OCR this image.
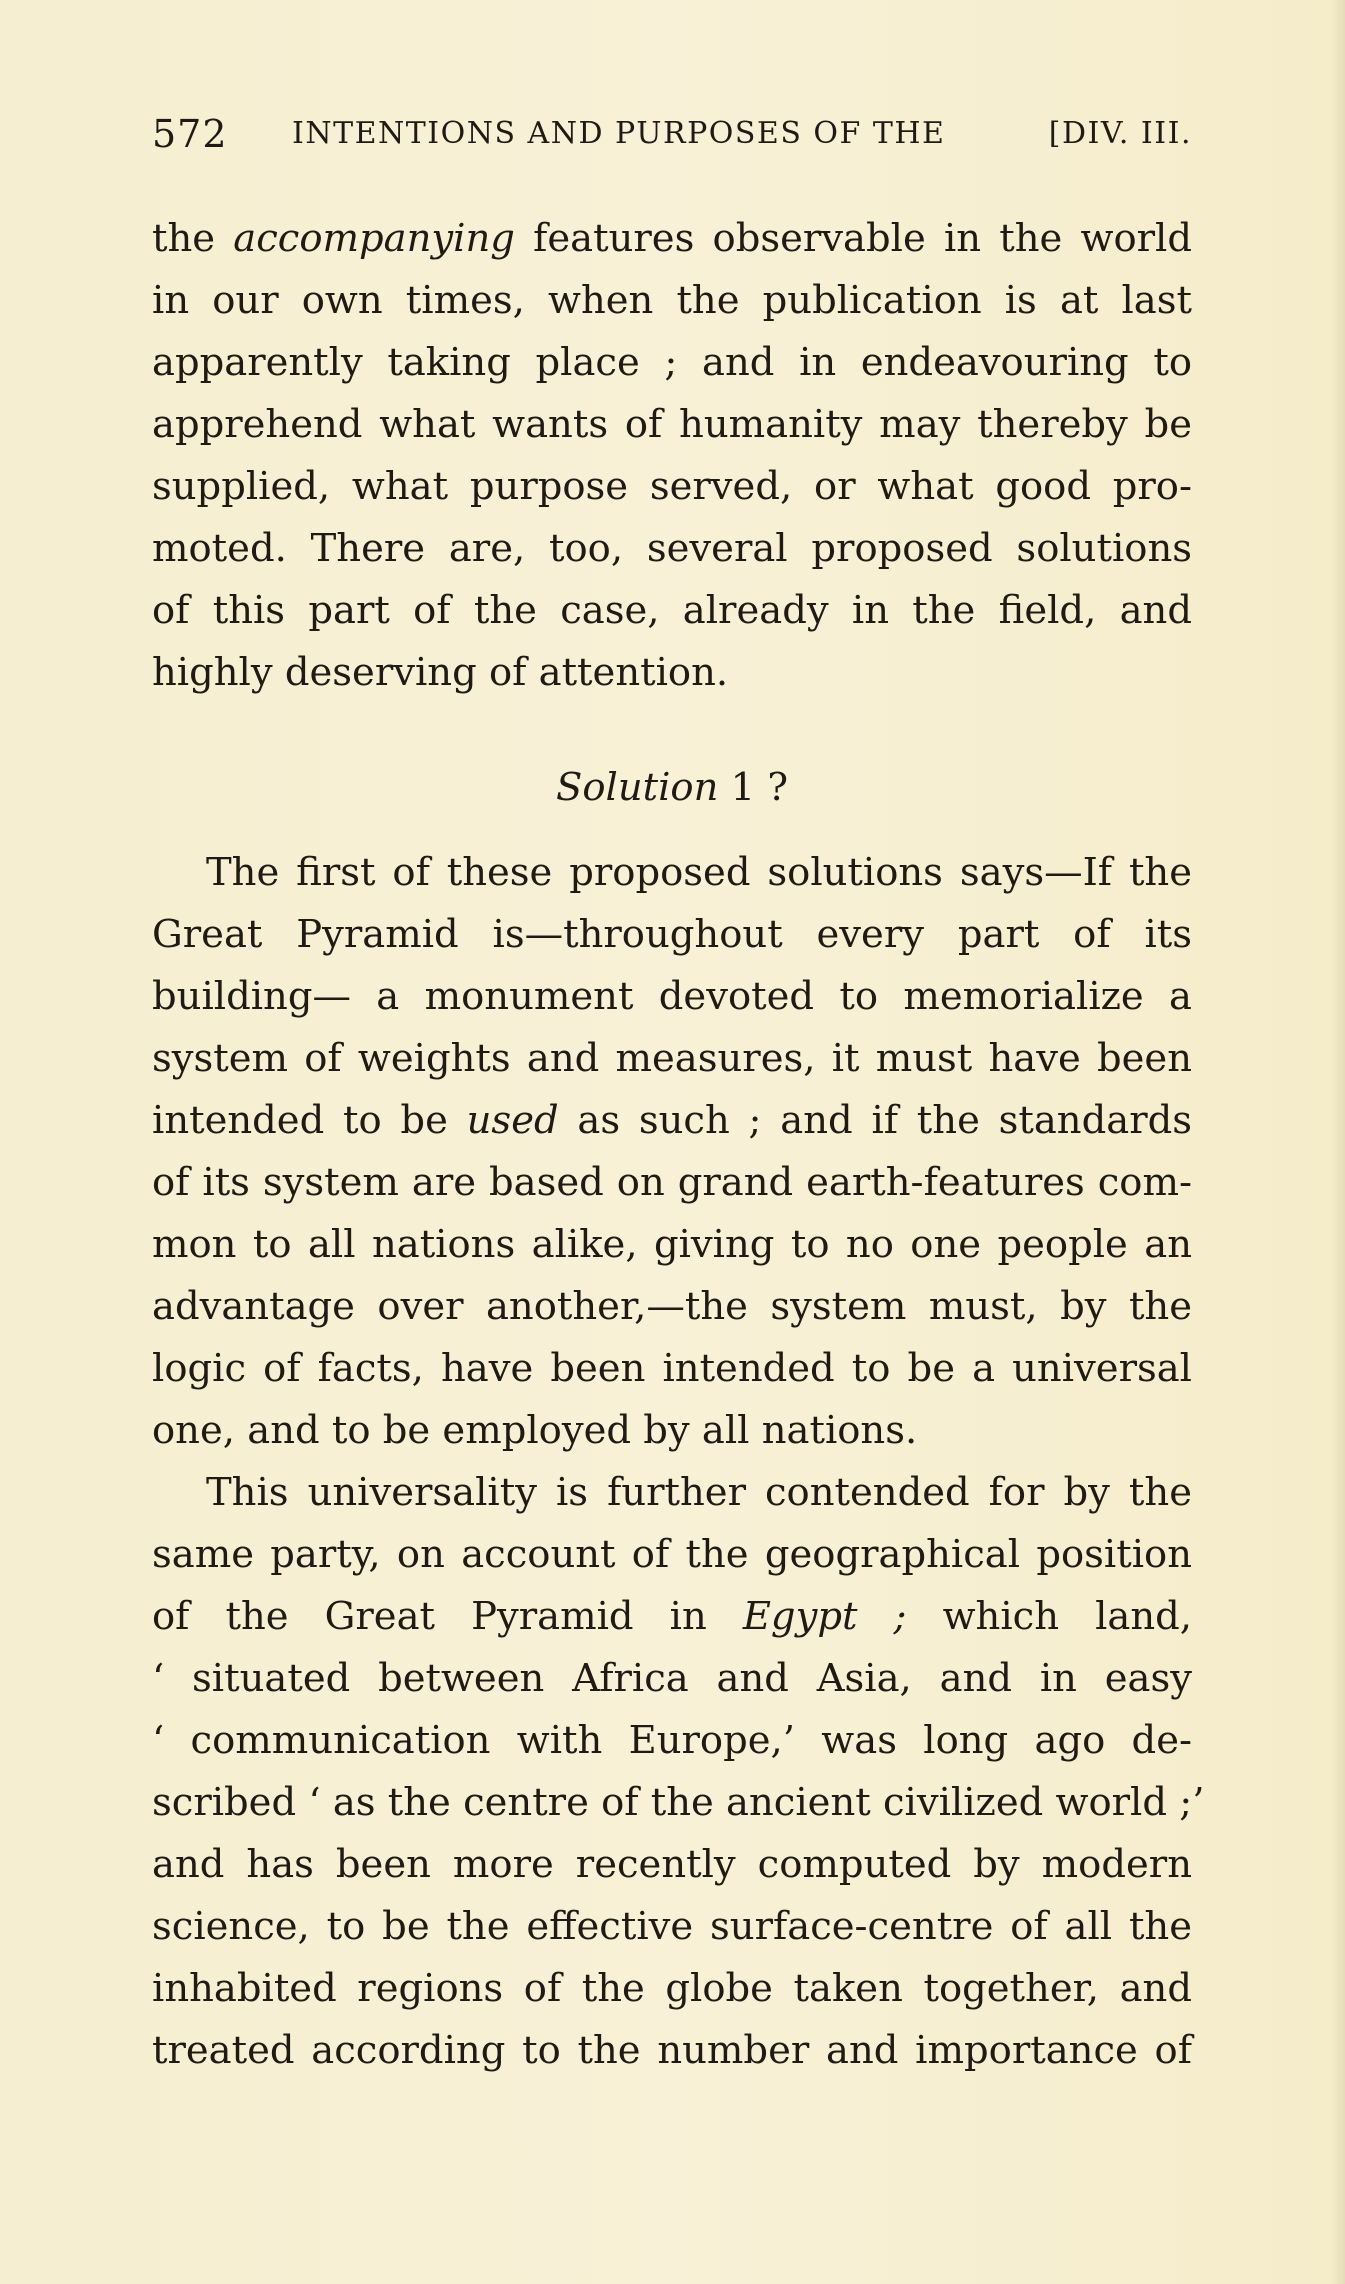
572 INTENTIONS AND PURPOSES OF THE	[DIV. III.
the accompanying features observable in the world
in our own times, when the publication is at last
apparently taking place ; and in endeavouring to
apprehend what wants of humanity may thereby be
supplied, what purpose served, or what good pro-
moted. There are, too, several proposed solutions
of this part of the case, already in the field, and
highly deserving of attention.
Solution 1 ?
The first of these proposed solutions says—If the
Great Pyramid is—throughout every part of its
building— a monument devoted to memorialize a
system of weights and measures, it must have been
intended to be used as such ; and if the standards
of its system are based on grand earth-features com-
mon to all nations alike, giving to no one people an
advantage over another,—the system must, by the
logic of facts, have been intended to be a universal
one, and to be employed by all nations.
This universality is further contended for by the
same party, on account of the geographical position
of the Great Pyramid in Egypt ; which land,
‘ situated between Africa and Asia, and in easy
‘ communication with Europe,’ was long ago de-
scribed ‘ as the centre of the ancient civilized world ;’
and has been more recently computed by modern
science, to be the effective surface-centre of all the
inhabited regions of the globe taken together, and
treated according to the number and importance of
